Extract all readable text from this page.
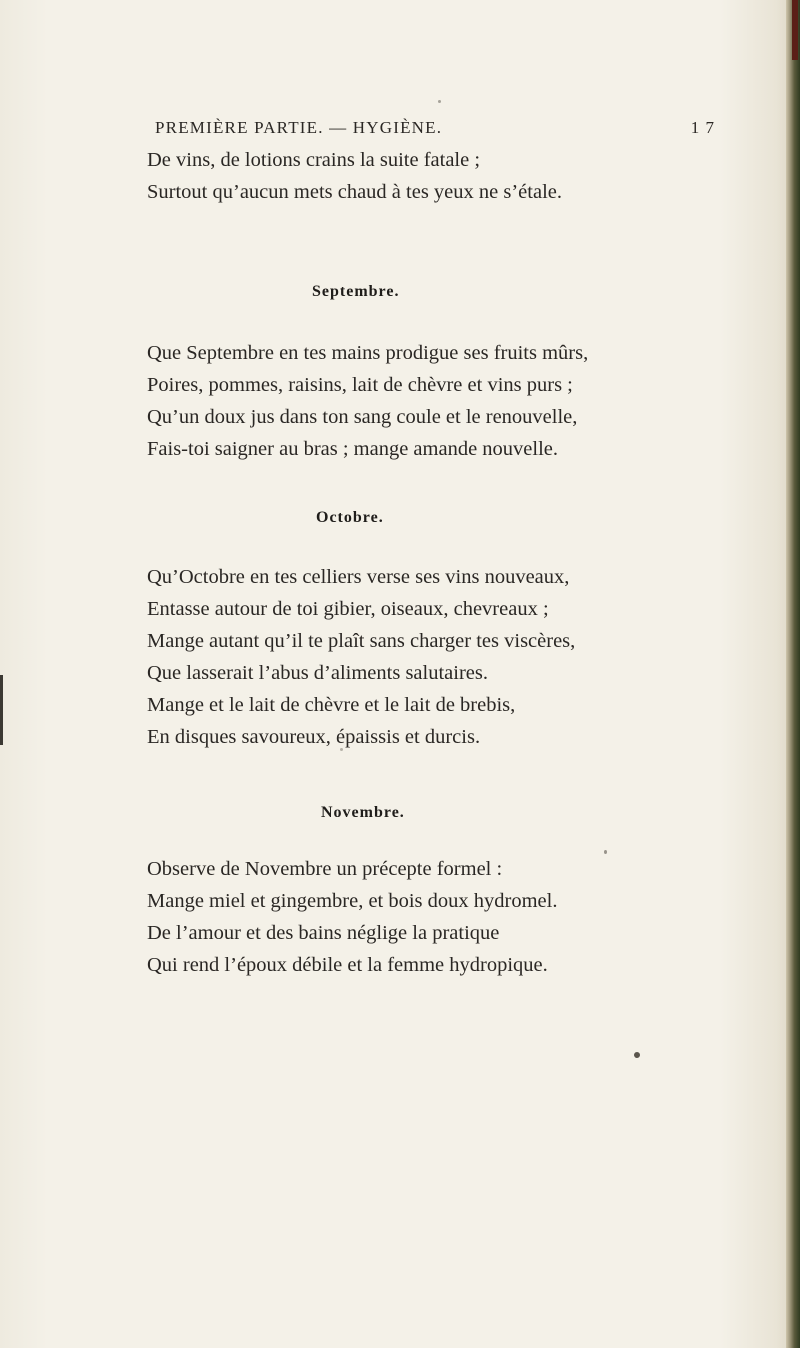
PREMIÈRE PARTIE. — HYGIÈNE.	1 7
De vins, de lotions crains la suite fatale ;
Surtout qu’aucun mets chaud à tes yeux ne s’étale.
Septembre.
Que Septembre en tes mains prodigue ses fruits mûrs,
Poires, pommes, raisins, lait de chèvre et vins purs ;
Qu’un doux jus dans ton sang coule et le renouvelle,
Fais-toi saigner au bras ; mange amande nouvelle.
Octobre.
Qu’Octobre en tes celliers verse ses vins nouveaux,
Entasse autour de toi gibier, oiseaux, chevreaux ;
Mange autant qu’il te plaît sans charger tes viscères,
Que lasserait l’abus d’aliments salutaires.
Mange et le lait de chèvre et le lait de brebis,
En disques savoureux, épaissis et durcis.
Novembre.
Observe de Novembre un précepte formel :
Mange miel et gingembre, et bois doux hydromel.
De l’amour et des bains néglige la pratique
Qui rend l’époux débile et la femme hydropique.
